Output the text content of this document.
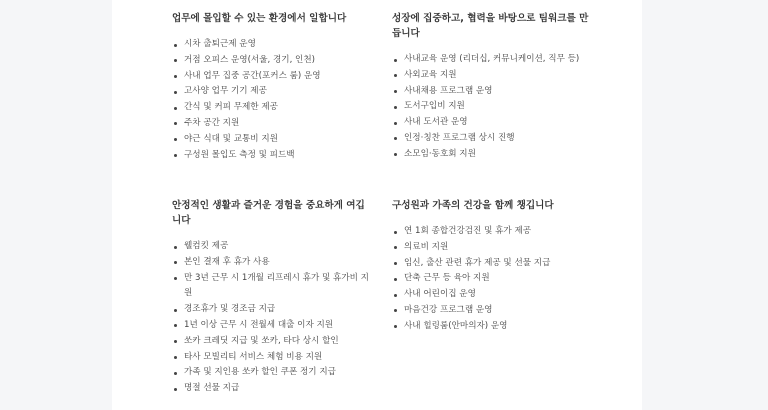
업무에 몰입할 수 있는 환경에서 일합니다
시차 출퇴근제 운영
거점 오피스 운영(서울, 경기, 인천)
사내 업무 집중 공간(포커스 룸) 운영
고사양 업무 기기 제공
간식 및 커피 무제한 제공
주차 공간 지원
야근 식대 및 교통비 지원
구성원 몰입도 측정 및 피드백
성장에 집중하고, 협력을 바탕으로 팀워크를 만듭니다
사내교육 운영 (리더십, 커뮤니케이션, 직무 등)
사외교육 지원
사내채용 프로그램 운영
도서구입비 지원
사내 도서관 운영
인정·칭찬 프로그램 상시 진행
소모임·동호회 지원
안정적인 생활과 즐거운 경험을 중요하게 여깁니다
웰컴킷 제공
본인 결재 후 휴가 사용
만 3년 근무 시 1개월 리프레시 휴가 및 휴가비 지원
경조휴가 및 경조금 지급
1년 이상 근무 시 전월세 대출 이자 지원
쏘카 크레딧 지급 및 쏘카, 타다 상시 할인
타사 모빌리티 서비스 체험 비용 지원
가족 및 지인용 쏘카 할인 쿠폰 정기 지급
명절 선물 지급
구성원과 가족의 건강을 함께 챙깁니다
연 1회 종합건강검진 및 휴가 제공
의료비 지원
임신, 출산 관련 휴가 제공 및 선물 지급
단축 근무 등 육아 지원
사내 어린이집 운영
마음건강 프로그램 운영
사내 힐링룸(안마의자) 운영
